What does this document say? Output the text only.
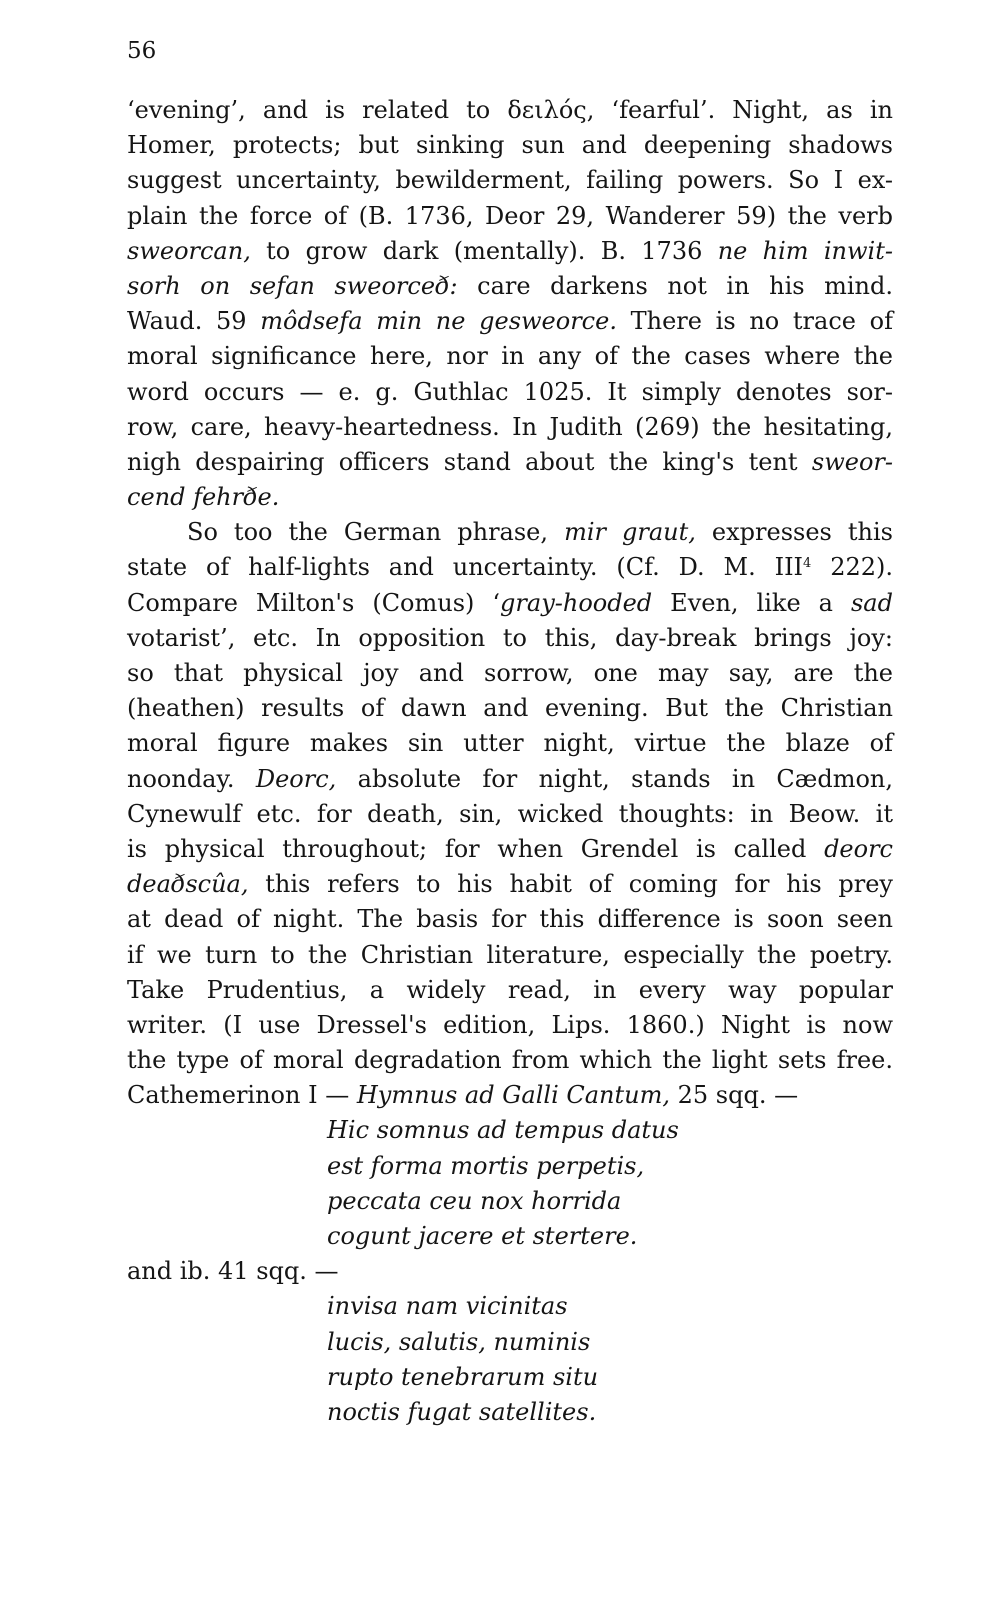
56
‘evening’, and is related to δειλός, ‘fearful’. Night, as in
Homer, protects; but sinking sun and deepening shadows
suggest uncertainty, bewilderment, failing powers. So I ex-
plain the force of (B. 1736, Deor 29, Wanderer 59) the verb
sweorcan, to grow dark (mentally). B. 1736 ne him inwit-
sorh on sefan sweorceð: care darkens not in his mind.
Waud. 59 môdsefa min ne gesweorce. There is no trace of
moral significance here, nor in any of the cases where the
word occurs — e. g. Guthlac 1025. It simply denotes sor-
row, care, heavy-heartedness. In Judith (269) the hesitating,
nigh despairing officers stand about the king's tent sweor-
cend fehrðe.
So too the German phrase, mir graut, expresses this
state of half-lights and uncertainty. (Cf. D. M. III$^4$ 222).
Compare Milton's (Comus) ‘gray-hooded Even, like a sad
votarist’, etc. In opposition to this, day-break brings joy:
so that physical joy and sorrow, one may say, are the
(heathen) results of dawn and evening. But the Christian
moral figure makes sin utter night, virtue the blaze of
noonday. Deorc, absolute for night, stands in Cædmon,
Cynewulf etc. for death, sin, wicked thoughts: in Beow. it
is physical throughout; for when Grendel is called deorc
deaðscûa, this refers to his habit of coming for his prey
at dead of night. The basis for this difference is soon seen
if we turn to the Christian literature, especially the poetry.
Take Prudentius, a widely read, in every way popular
writer. (I use Dressel's edition, Lips. 1860.) Night is now
the type of moral degradation from which the light sets free.
Cathemerinon I — Hymnus ad Galli Cantum, 25 sqq. —
Hic somnus ad tempus datus
est forma mortis perpetis,
peccata ceu nox horrida
cogunt jacere et stertere.
and ib. 41 sqq. —
invisa nam vicinitas
lucis, salutis, numinis
rupto tenebrarum situ
noctis fugat satellites.
